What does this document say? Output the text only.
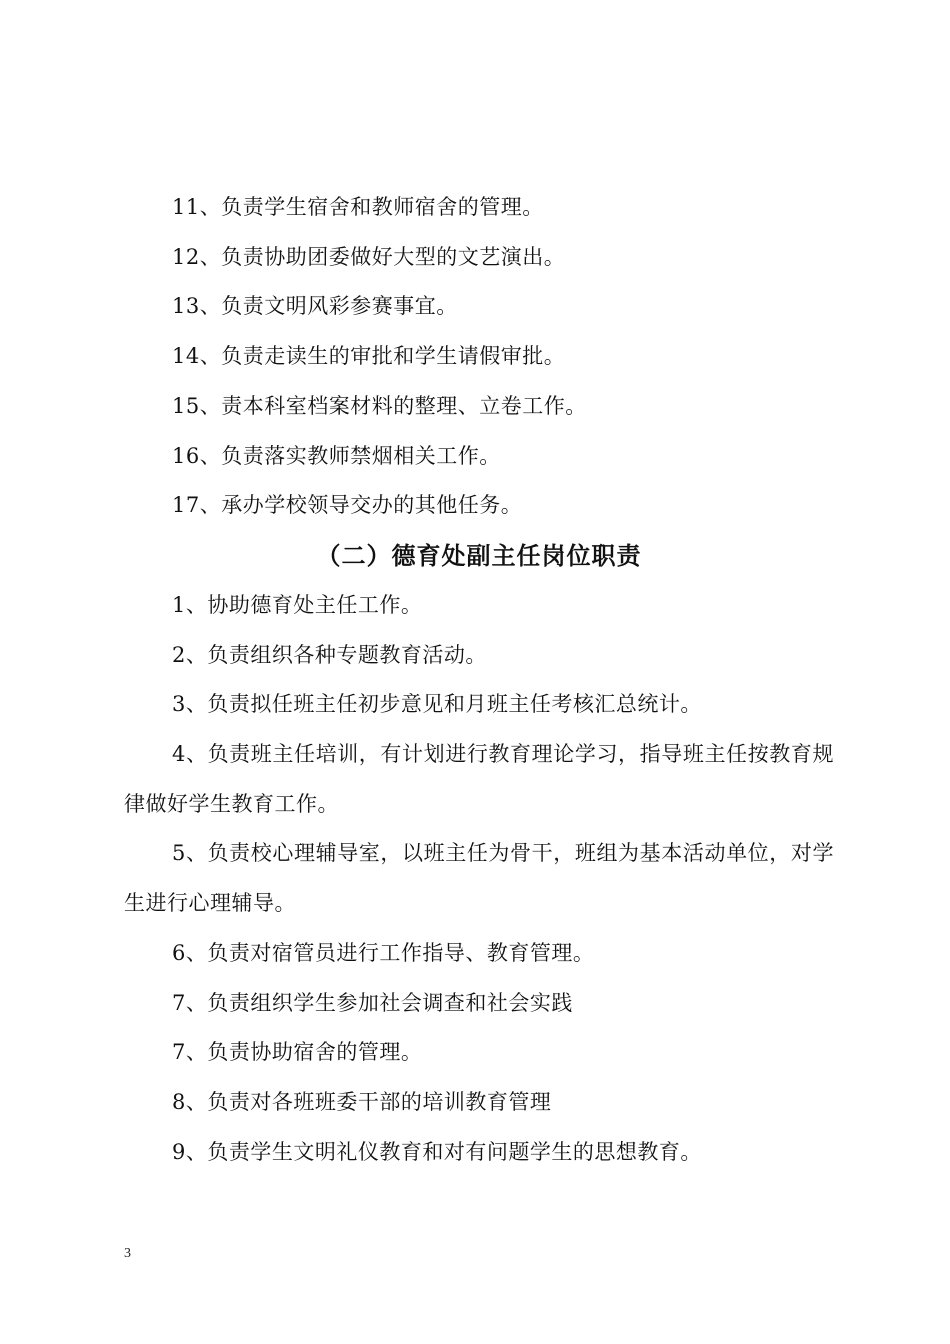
11、负责学生宿舍和教师宿舍的管理。

12、负责协助团委做好大型的文艺演出。

13、负责文明风彩参赛事宜。

14、负责走读生的审批和学生请假审批。

15、责本科室档案材料的整理、立卷工作。

16、负责落实教师禁烟相关工作。

17、承办学校领导交办的其他任务。

（二）德育处副主任岗位职责

1、协助德育处主任工作。

2、负责组织各种专题教育活动。

3、负责拟任班主任初步意见和月班主任考核汇总统计。

4、负责班主任培训，有计划进行教育理论学习，指导班主任按教育规律做好学生教育工作。

5、负责校心理辅导室，以班主任为骨干，班组为基本活动单位，对学生进行心理辅导。

6、负责对宿管员进行工作指导、教育管理。

7、负责组织学生参加社会调查和社会实践

7、负责协助宿舍的管理。

8、负责对各班班委干部的培训教育管理

9、负责学生文明礼仪教育和对有问题学生的思想教育。

3
